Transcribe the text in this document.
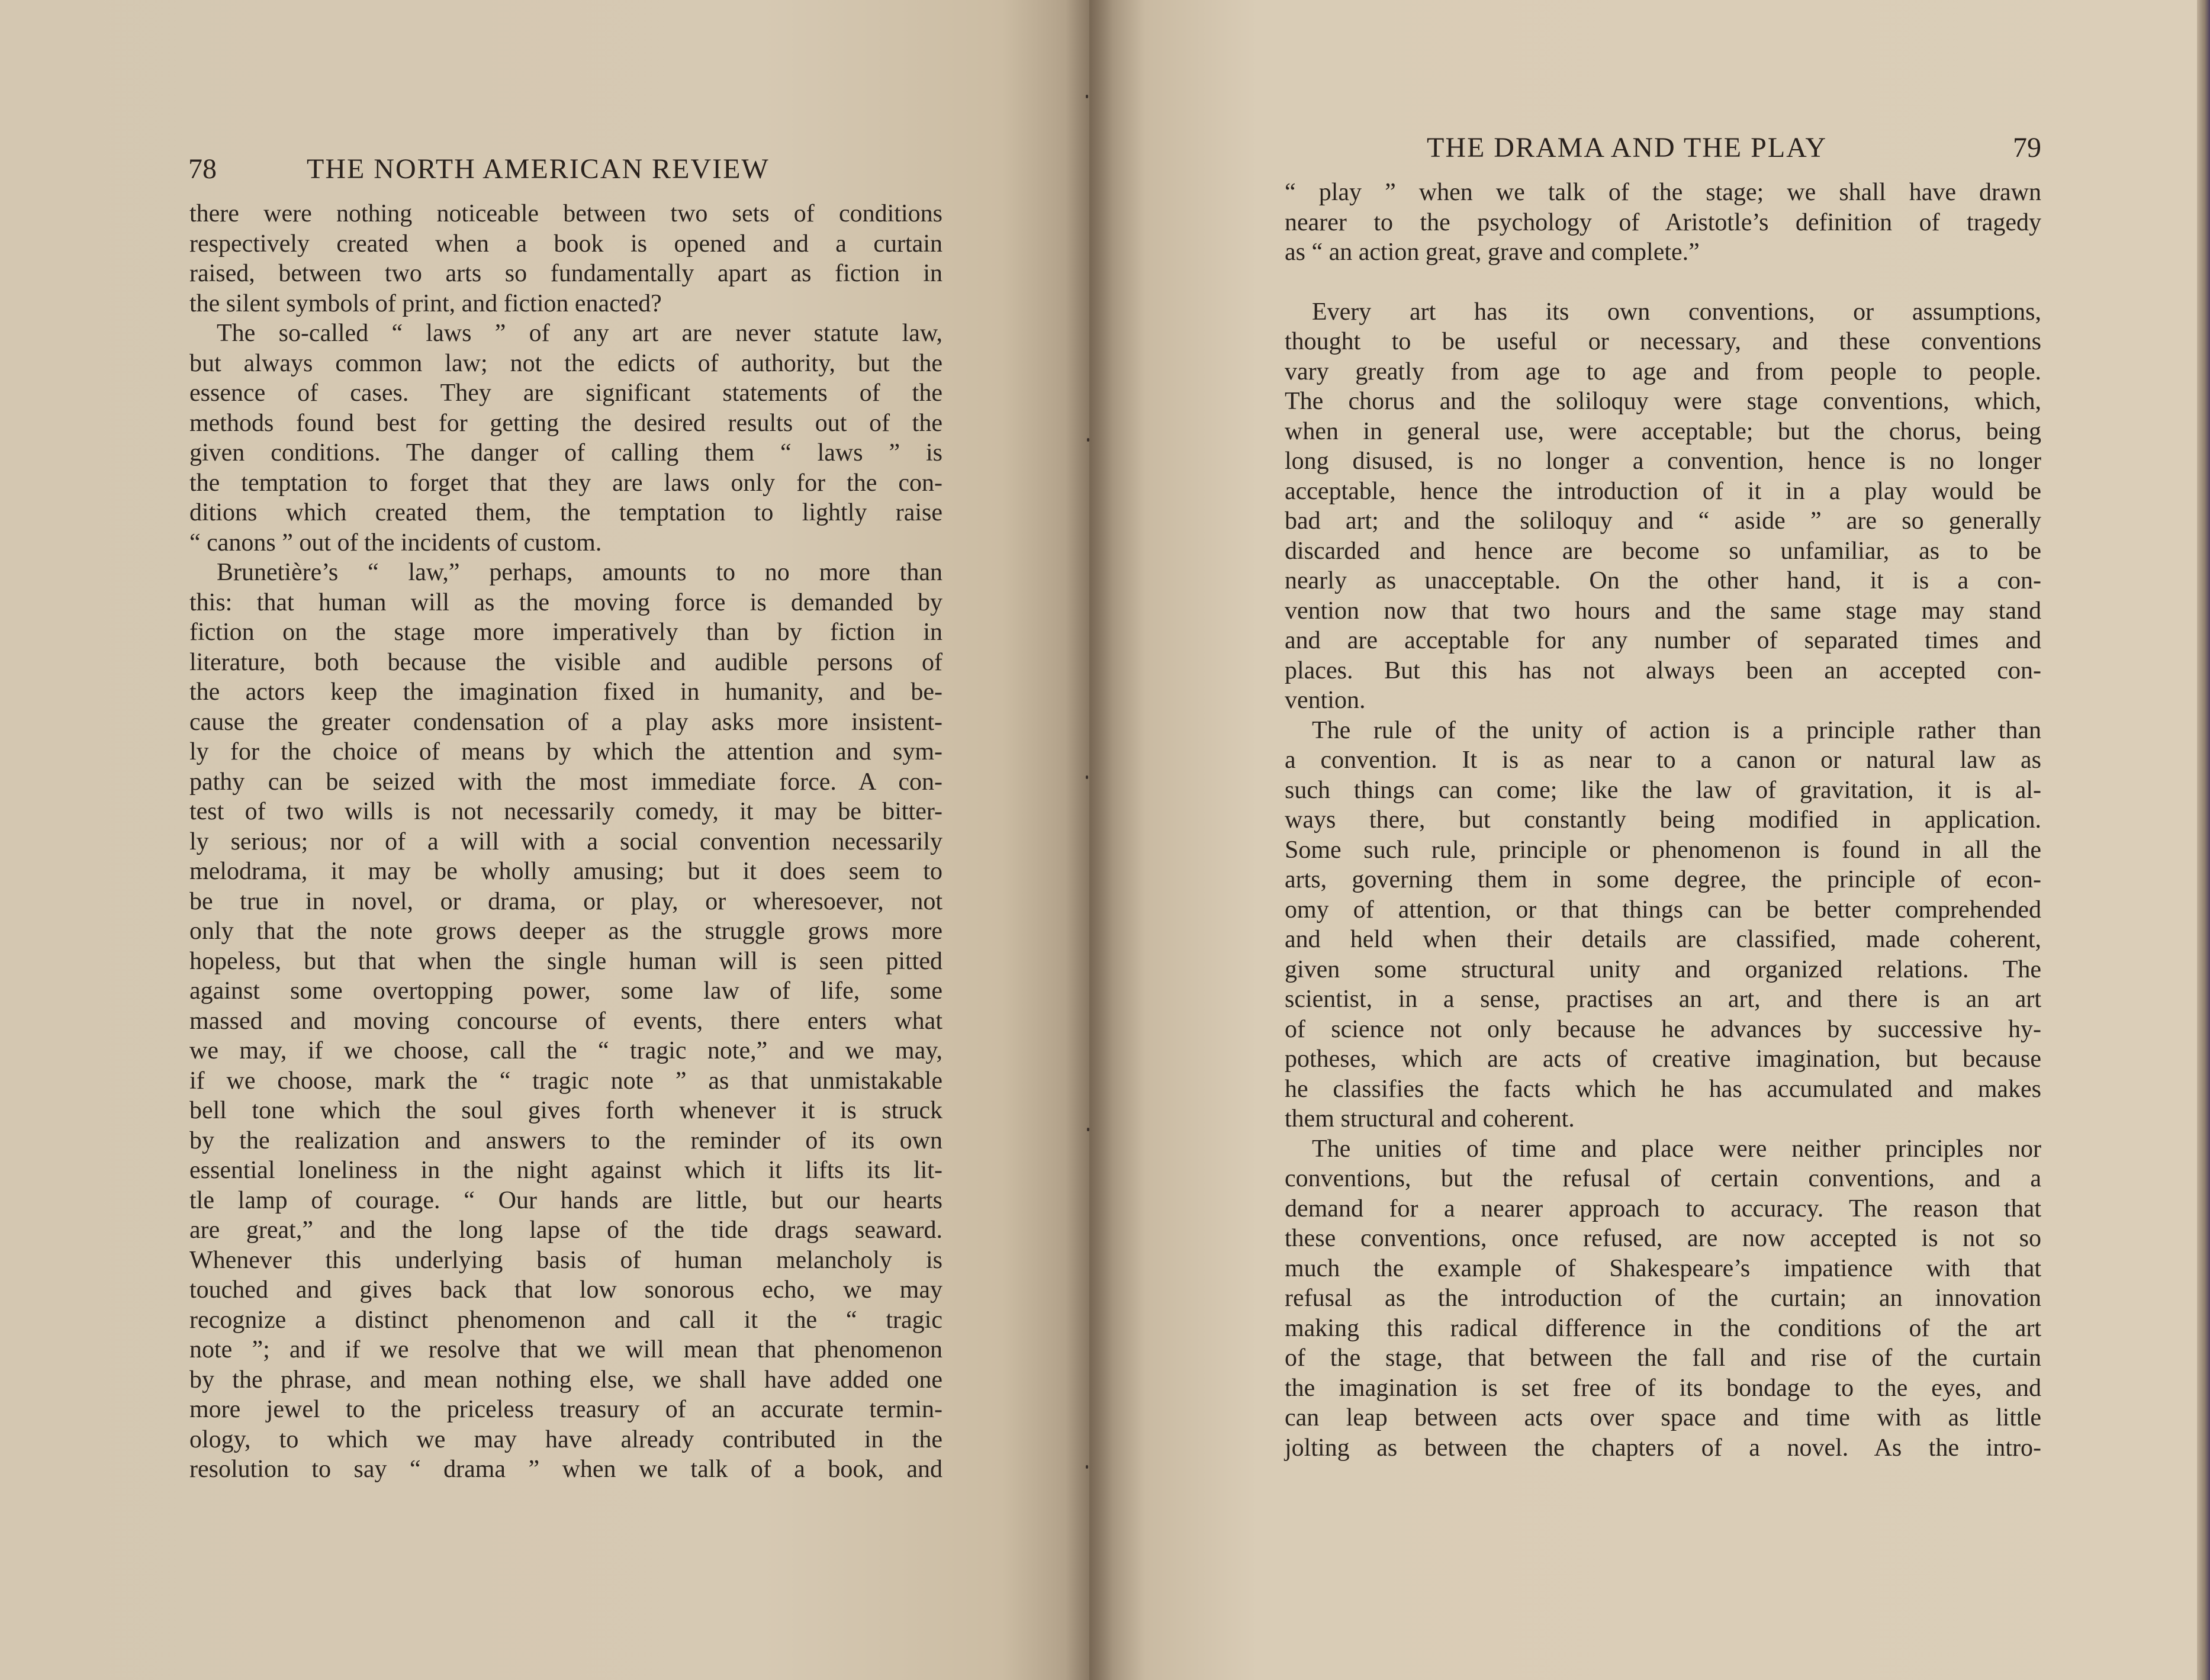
78	THE NORTH AMERICAN REVIEW
there were nothing noticeable between two sets of conditions
respectively created when a book is opened and a curtain
raised, between two arts so fundamentally apart as fiction in
the silent symbols of print, and fiction enacted?
The so-called “ laws ” of any art are never statute law,
but always common law; not the edicts of authority, but the
essence of cases. They are significant statements of the
methods found best for getting the desired results out of the
given conditions. The danger of calling them “ laws ” is
the temptation to forget that they are laws only for the con-
ditions which created them, the temptation to lightly raise
“ canons ” out of the incidents of custom.
Brunetière’s “ law,” perhaps, amounts to no more than
this: that human will as the moving force is demanded by
fiction on the stage more imperatively than by fiction in
literature, both because the visible and audible persons of
the actors keep the imagination fixed in humanity, and be-
cause the greater condensation of a play asks more insistent-
ly for the choice of means by which the attention and sym-
pathy can be seized with the most immediate force. A con-
test of two wills is not necessarily comedy, it may be bitter-
ly serious; nor of a will with a social convention necessarily
melodrama, it may be wholly amusing; but it does seem to
be true in novel, or drama, or play, or wheresoever, not
only that the note grows deeper as the struggle grows more
hopeless, but that when the single human will is seen pitted
against some overtopping power, some law of life, some
massed and moving concourse of events, there enters what
we may, if we choose, call the “ tragic note,” and we may,
if we choose, mark the “ tragic note ” as that unmistakable
bell tone which the soul gives forth whenever it is struck
by the realization and answers to the reminder of its own
essential loneliness in the night against which it lifts its lit-
tle lamp of courage. “ Our hands are little, but our hearts
are great,” and the long lapse of the tide drags seaward.
Whenever this underlying basis of human melancholy is
touched and gives back that low sonorous echo, we may
recognize a distinct phenomenon and call it the “ tragic
note ”; and if we resolve that we will mean that phenomenon
by the phrase, and mean nothing else, we shall have added one
more jewel to the priceless treasury of an accurate termin-
ology, to which we may have already contributed in the
resolution to say “ drama ” when we talk of a book, and
THE DRAMA AND THE PLAY	79
“ play ” when we talk of the stage; we shall have drawn
nearer to the psychology of Aristotle’s definition of tragedy
as “ an action great, grave and complete.”
Every art has its own conventions, or assumptions,
thought to be useful or necessary, and these conventions
vary greatly from age to age and from people to people.
The chorus and the soliloquy were stage conventions, which,
when in general use, were acceptable; but the chorus, being
long disused, is no longer a convention, hence is no longer
acceptable, hence the introduction of it in a play would be
bad art; and the soliloquy and “ aside ” are so generally
discarded and hence are become so unfamiliar, as to be
nearly as unacceptable. On the other hand, it is a con-
vention now that two hours and the same stage may stand
and are acceptable for any number of separated times and
places. But this has not always been an accepted con-
vention.
The rule of the unity of action is a principle rather than
a convention. It is as near to a canon or natural law as
such things can come; like the law of gravitation, it is al-
ways there, but constantly being modified in application.
Some such rule, principle or phenomenon is found in all the
arts, governing them in some degree, the principle of econ-
omy of attention, or that things can be better comprehended
and held when their details are classified, made coherent,
given some structural unity and organized relations. The
scientist, in a sense, practises an art, and there is an art
of science not only because he advances by successive hy-
potheses, which are acts of creative imagination, but because
he classifies the facts which he has accumulated and makes
them structural and coherent.
The unities of time and place were neither principles nor
conventions, but the refusal of certain conventions, and a
demand for a nearer approach to accuracy. The reason that
these conventions, once refused, are now accepted is not so
much the example of Shakespeare’s impatience with that
refusal as the introduction of the curtain; an innovation
making this radical difference in the conditions of the art
of the stage, that between the fall and rise of the curtain
the imagination is set free of its bondage to the eyes, and
can leap between acts over space and time with as little
jolting as between the chapters of a novel. As the intro-
